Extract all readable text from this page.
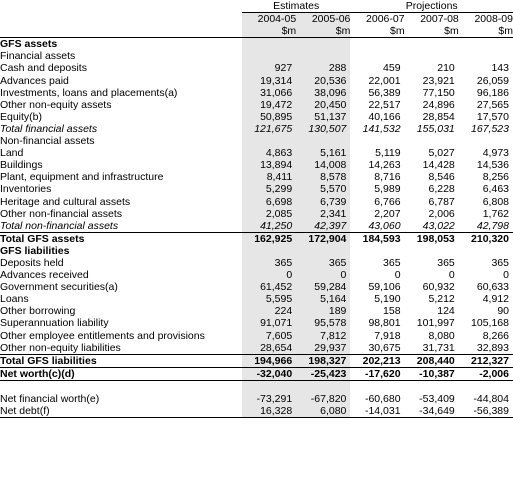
	Estimates		Projections		
	2004-05	2005-06	2006-07	2007-08	2008-09
	$m	$m	$m	$m	$m
GFS assets					
Financial assets					
Cash and deposits	927	288	459	210	143
Advances paid	19,314	20,536	22,001	23,921	26,059
Investments, loans and placements(a)	31,066	38,096	56,389	77,150	96,186
Other non-equity assets	19,472	20,450	22,517	24,896	27,565
Equity(b)	50,895	51,137	40,166	28,854	17,570
Total financial assets	121,675	130,507	141,532	155,031	167,523
Non-financial assets					
Land	4,863	5,161	5,119	5,027	4,973
Buildings	13,894	14,008	14,263	14,428	14,536
Plant, equipment and infrastructure	8,411	8,578	8,716	8,546	8,256
Inventories	5,299	5,570	5,989	6,228	6,463
Heritage and cultural assets	6,698	6,739	6,766	6,787	6,808
Other non-financial assets	2,085	2,341	2,207	2,006	1,762
Total non-financial assets	41,250	42,397	43,060	43,022	42,798
Total GFS assets	162,925	172,904	184,593	198,053	210,320
GFS liabilities					
Deposits held	365	365	365	365	365
Advances received	0	0	0	0	0
Government securities(a)	61,452	59,284	59,106	60,932	60,633
Loans	5,595	5,164	5,190	5,212	4,912
Other borrowing	224	189	158	124	90
Superannuation liability	91,071	95,578	98,801	101,997	105,168
Other employee entitlements and provisions	7,605	7,812	7,918	8,080	8,266
Other non-equity liabilities	28,654	29,937	30,675	31,731	32,893
Total GFS liabilities	194,966	198,327	202,213	208,440	212,327
Net worth(c)(d)	-32,040	-25,423	-17,620	-10,387	-2,006

Net financial worth(e)	-73,291	-67,820	-60,680	-53,409	-44,804
Net debt(f)	16,328	6,080	-14,031	-34,649	-56,389
